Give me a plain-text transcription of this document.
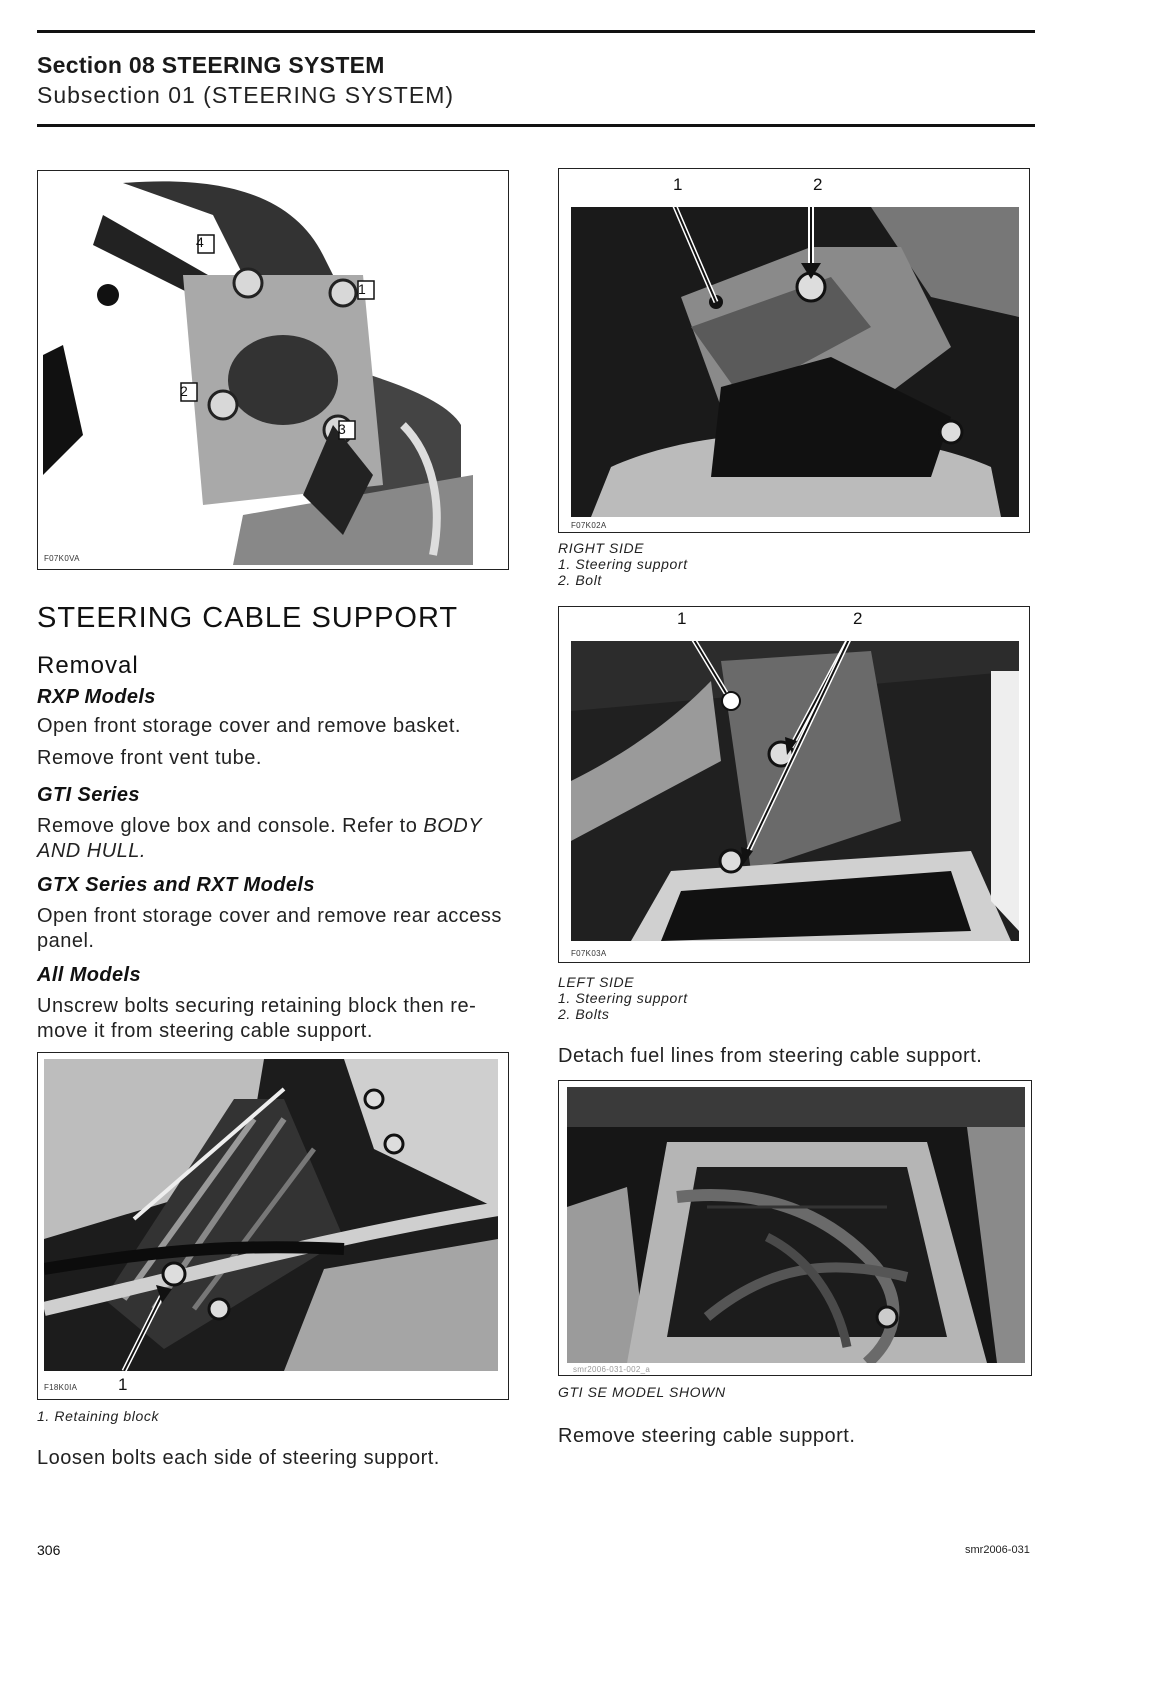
Section 08 STEERING SYSTEM
Subsection 01 (STEERING SYSTEM)
4
1
2
3
F07K0VA
1	2
F07K02A
RIGHT SIDE
1. Steering support
2. Bolt
STEERING CABLE SUPPORT
Removal
RXP Models
Open front storage cover and remove basket.
Remove front vent tube.
GTI Series
Remove glove box and console. Refer to BODY
AND HULL.
GTX Series and RXT Models
Open front storage cover and remove rear access
panel.
All Models
Unscrew bolts securing retaining block then re-
move it from steering cable support.
1
F18K0IA
1. Retaining block
Loosen bolts each side of steering support.
1	2
F07K03A
LEFT SIDE
1. Steering support
2. Bolts
Detach fuel lines from steering cable support.
smr2006-031-002_a
GTI SE MODEL SHOWN
Remove steering cable support.
306	smr2006-031
